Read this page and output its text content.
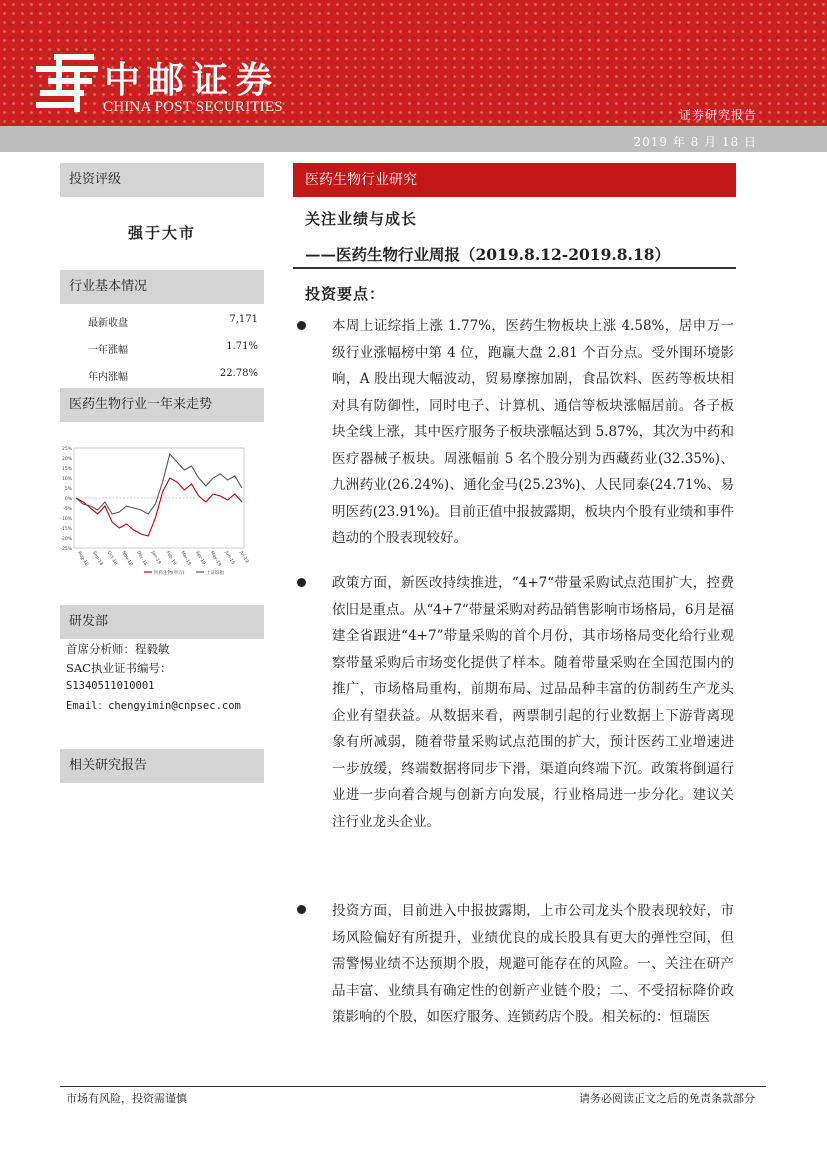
中邮证券
CHINA POST SECURITIES	证券研究报告
2019 年 8 月 18 日
投资评级
强于大市
行业基本情况
最新收盘	7,171
一年涨幅	1.71%
年内涨幅	22.78%
医药生物行业一年来走势
25%
20%
15%
10%
5%
0%
-5%
-10%
-15%
-20%
-25%
Aug-18 Sep-18 Oct-18 Nov-18 Dec-18 Jan-19 Feb-19 Mar-19 Apr-19 May-19 Jun-19 Jul-19
医药生物(申万)	上证综指
研发部
首席分析师：程毅敏
SAC执业证书编号：
S1340511010001
Email：chengyimin@cnpsec.com
相关研究报告
医药生物行业研究
关注业绩与成长
——医药生物行业周报（2019.8.12-2019.8.18）
投资要点：
本周上证综指上涨 1.77%，医药生物板块上涨 4.58%，居申万一级行业涨幅榜中第 4 位，跑赢大盘 2.81 个百分点。受外围环境影响，A 股出现大幅波动，贸易摩擦加剧，食品饮料、医药等板块相对具有防御性，同时电子、计算机、通信等板块涨幅居前。各子板块全线上涨，其中医疗服务子板块涨幅达到 5.87%，其次为中药和医疗器械子板块。周涨幅前 5 名个股分别为西藏药业(32.35%)、九洲药业(26.24%)、通化金马(25.23%)、人民同泰(24.71%、易明医药(23.91%)。目前正值中报披露期，板块内个股有业绩和事件趋动的个股表现较好。
政策方面，新医改持续推进，“4+7“带量采购试点范围扩大，控费依旧是重点。从“4+7“带量采购对药品销售影响市场格局，6月是福建全省跟进“4+7”带量采购的首个月份，其市场格局变化给行业观察带量采购后市场变化提供了样本。随着带量采购在全国范围内的推广，市场格局重构，前期布局、过品品种丰富的仿制药生产龙头企业有望获益。从数据来看，两票制引起的行业数据上下游背离现象有所减弱，随着带量采购试点范围的扩大，预计医药工业增速进一步放缓，终端数据将同步下滑，渠道向终端下沉。政策将倒逼行业进一步向着合规与创新方向发展，行业格局进一步分化。建议关注行业龙头企业。
投资方面，目前进入中报披露期，上市公司龙头个股表现较好，市场风险偏好有所提升，业绩优良的成长股具有更大的弹性空间，但需警惕业绩不达预期个股，规避可能存在的风险。一、关注在研产品丰富、业绩具有确定性的创新产业链个股；二、不受招标降价政策影响的个股，如医疗服务、连锁药店个股。相关标的：恒瑞医
市场有风险，投资需谨慎	请务必阅读正文之后的免责条款部分
